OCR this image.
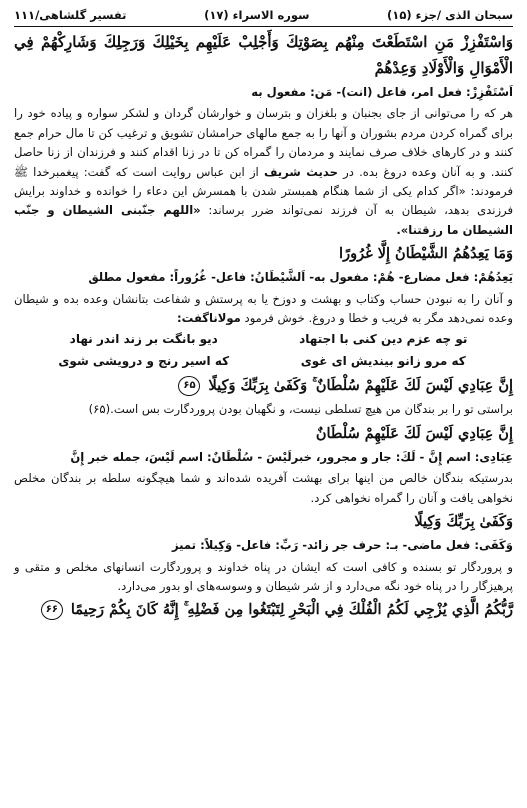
سبحان الذی /جزء (۱۵)
سوره الاسراء (۱۷)
تفسیر گلشاهی/۱۱۱

وَاسْتَفْزِزْ مَنِ اسْتَطَعْتَ مِنْهُم بِصَوْتِكَ وَأَجْلِبْ عَلَيْهِم بِخَيْلِكَ وَرَجِلِكَ وَشَارِكْهُمْ فِي الْأَمْوَالِ وَالْأَوْلَادِ وَعِدْهُمْ

اَسْتَفْزِزْ: فعل امر، فاعل (انت)- مَن: مفعول به

هر که را می‌توانی از جای بجنبان و بلغزان و بترسان و خوارشان گردان و لشکر سواره و پیاده خود را برای گمراه کردن مردم بشوران و آنها را به جمع مالهای حرامشان تشویق و ترغیب کن تا مال حرام جمع کنند و در کارهای خلاف صرف نمایند و مردمان را گمراه کن تا در زنا اقدام کنند و فرزندان از زنا حاصل کنند. و به آنان وعده دروغ بده. در حدیث شریف از ابن عباس روایت است که گفت: پیغمبرخدا ﷺ فرمودند: «اگر کدام یکی از شما هنگام همبستر شدن با همسرش این دعاء را خوانده و خداوند برایش فرزندی بدهد، شیطان به آن فرزند نمی‌تواند ضرر برساند: «اللهم جنّبنی الشیطان و جنّب الشیطان ما رزقتنا».

وَمَا يَعِدُهُمُ الشَّيْطَانُ إِلَّا غُرُورًا

یَعِدُهُمْ: فعل مضارع- هُمْ: مفعول به- اَلشَّیْطَانُ: فاعل- غُرُوراً: مفعول مطلق

و آنان را به نبودن حساب وکتاب و بهشت و دوزخ یا به پرستش و شفاعت بتانشان وعده بده و شیطان وعده نمی‌دهد مگر به فریب و خطا و دروغ. خوش فرمود مولاناگفت:

تو چه عزم دین کنی با اجتهاد
دیو بانگت بر زند اندر نهاد
که مرو زانو بیندیش ای غوی
که اسیر رنج و درویشی شوی

إِنَّ عِبَادِي لَيْسَ لَكَ عَلَيْهِمْ سُلْطَانٌ ۚ وَكَفَىٰ بِرَبِّكَ وَكِيلًا ۶۵

براستی تو را بر بندگان من هیچ تسلطی نیست، و نگهبان بودن پروردگارت بس است.(۶۵)

إِنَّ عِبَادِي لَيْسَ لَكَ عَلَيْهِمْ سُلْطَانٌ

عِبَادِی: اسم إِنَّ - لَكَ: جار و مجرور، خبرلَیْسَ - سُلْطَانٌ: اسم لَیْسَ، جمله خبر إِنَّ

بدرستیکه بندگان خالص من اینها برای بهشت آفریده شده‌اند و شما هیچگونه سلطه بر بندگان مخلص نخواهی یافت و آنان را گمراه نخواهی کرد.

وَكَفَىٰ بِرَبِّكَ وَكِيلًا

وَكَفَى: فعل ماضی- بـ: حرف جر زائد- رَبِّ: فاعل- وَكِیلاً: تمیز

و پروردگار تو بسنده و کافی است که ایشان در پناه خداوند و پروردگارت انسانهای مخلص و متقی و پرهیزگار را در پناه خود نگه می‌دارد و از شر شیطان و وسوسه‌های او بدور می‌دارد.

رَّبُّكُمُ الَّذِي يُزْجِي لَكُمُ الْفُلْكَ فِي الْبَحْرِ لِتَبْتَغُوا مِن فَضْلِهِ ۚ إِنَّهُ كَانَ بِكُمْ رَحِيمًا ۶۶
